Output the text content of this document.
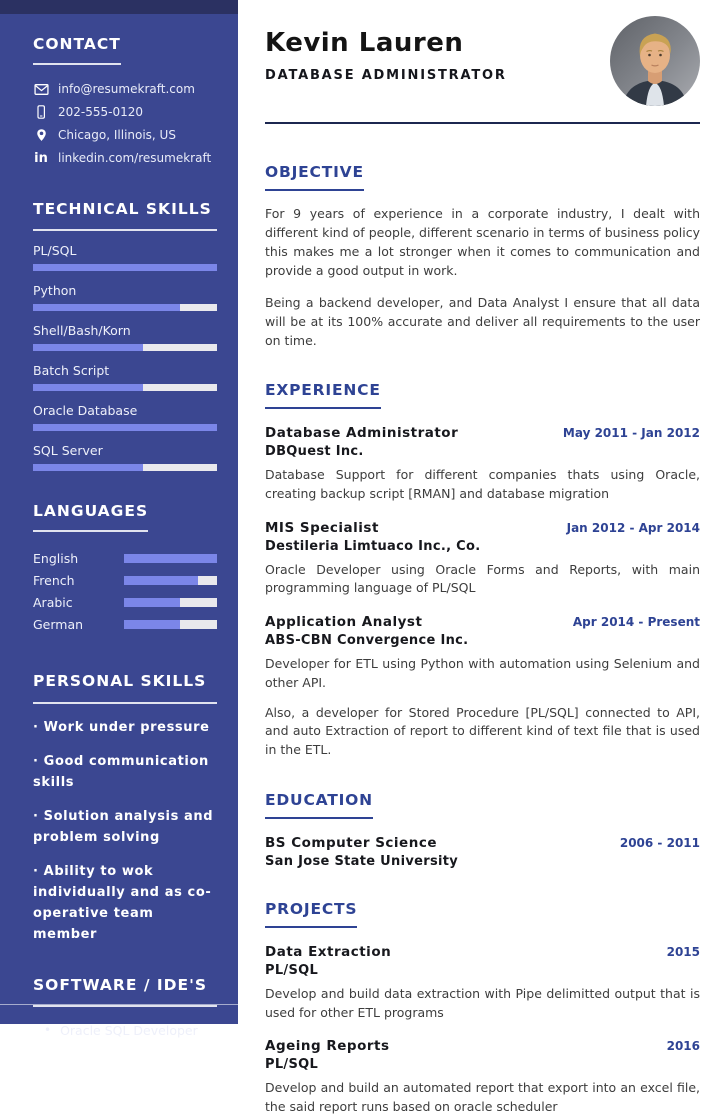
CONTACT
info@resumekraft.com
202-555-0120
Chicago, Illinois, US
in linkedin.com/resumekraft
TECHNICAL SKILLS
PL/SQL
Python
Shell/Bash/Korn
Batch Script
Oracle Database
SQL Server
LANGUAGES
English
French
Arabic
German
PERSONAL SKILLS
· Work under pressure
· Good communication skills
· Solution analysis and problem solving
· Ability to wok individually and as co-operative team member
SOFTWARE / IDE'S
• Oracle SQL Developer
Kevin Lauren
DATABASE ADMINISTRATOR
OBJECTIVE

For 9 years of experience in a corporate industry, I dealt with different kind of people, different scenario in terms of business policy this makes me a lot stronger when it comes to communication and provide a good output in work.

Being a backend developer, and Data Analyst I ensure that all data will be at its 100% accurate and deliver all requirements to the user on time.

EXPERIENCE
Database Administrator	May 2011 - Jan 2012
DBQuest Inc.

Database Support for different companies thats using Oracle, creating backup script [RMAN] and database migration

MIS Specialist	Jan 2012 - Apr 2014
Destileria Limtuaco Inc., Co.

Oracle Developer using Oracle Forms and Reports, with main programming language of PL/SQL

Application Analyst	Apr 2014 - Present
ABS-CBN Convergence Inc.

Developer for ETL using Python with automation using Selenium and other API.

Also, a developer for Stored Procedure [PL/SQL] connected to API, and auto Extraction of report to different kind of text file that is used in the ETL.

EDUCATION
BS Computer Science	2006 - 2011
San Jose State University
PROJECTS
Data Extraction	2015
PL/SQL

Develop and build data extraction with Pipe delimitted output that is used for other ETL programs

Ageing Reports	2016
PL/SQL

Develop and build an automated report that export into an excel file, the said report runs based on oracle scheduler
